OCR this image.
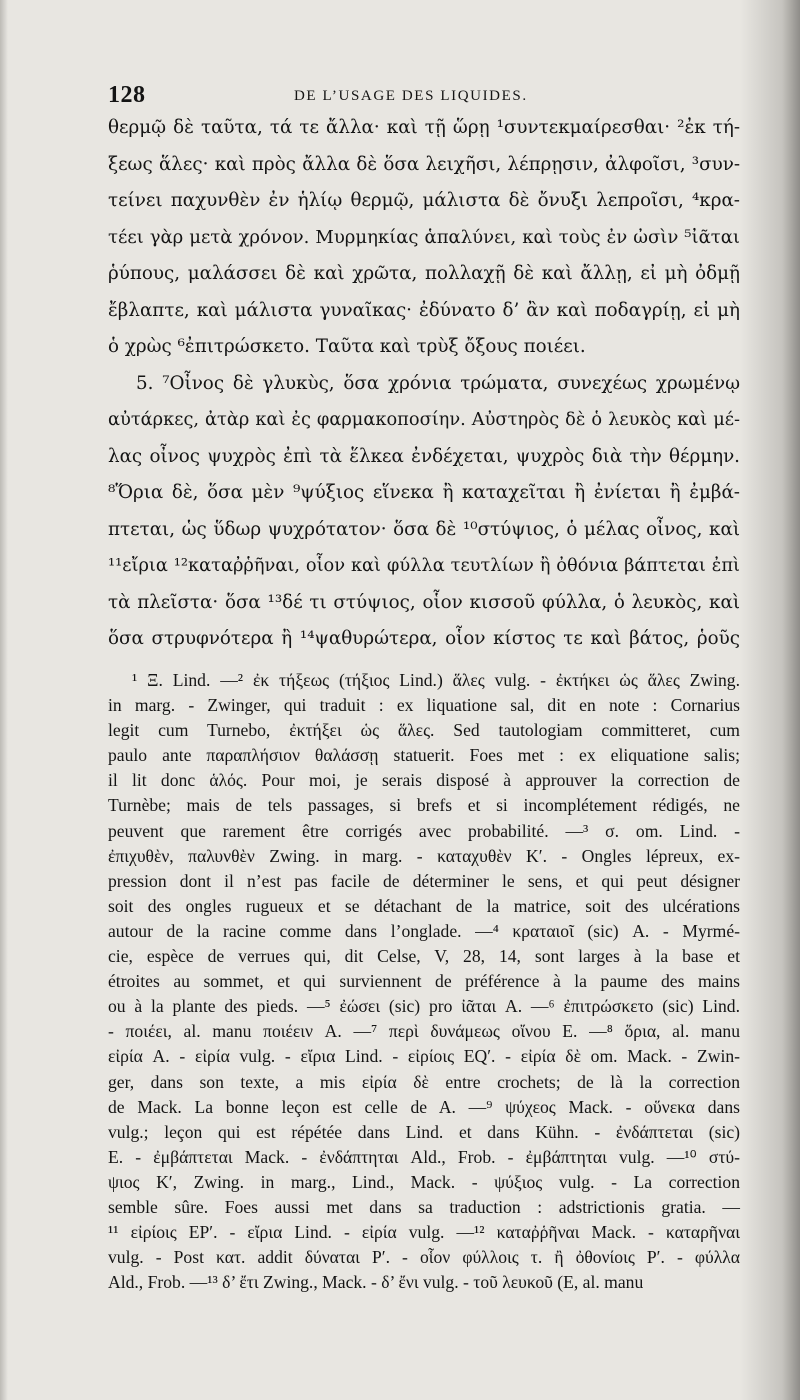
128	DE L’USAGE DES LIQUIDES.
θερμῷ δὲ ταῦτα, τά τε ἄλλα· καὶ τῇ ὥρῃ ¹συντεκμαίρεσθαι· ²ἐκ τή-
ξεως ἅλες· καὶ πρὸς ἄλλα δὲ ὅσα λειχῆσι, λέπρῃσιν, ἀλφοῖσι, ³συν-
τείνει παχυνθὲν ἐν ἡλίῳ θερμῷ, μάλιστα δὲ ὄνυξι λεπροῖσι, ⁴κρα-
τέει γὰρ μετὰ χρόνον. Μυρμηκίας ἁπαλύνει, καὶ τοὺς ἐν ὠσὶν ⁵ἰᾶται
ῥύπους, μαλάσσει δὲ καὶ χρῶτα, πολλαχῇ δὲ καὶ ἄλλῃ, εἰ μὴ ὀδμῇ
ἔβλαπτε, καὶ μάλιστα γυναῖκας· ἐδύνατο δ’ ἂν καὶ ποδαγρίῃ, εἰ μὴ
ὁ χρὼς ⁶ἐπιτρώσκετο. Ταῦτα καὶ τρὺξ ὄξους ποιέει.
5. ⁷Οἶνος δὲ γλυκὺς, ὅσα χρόνια τρώματα, συνεχέως χρωμένῳ
αὐτάρκες, ἀτὰρ καὶ ἐς φαρμακοποσίην. Αὐστηρὸς δὲ ὁ λευκὸς καὶ μέ-
λας οἶνος ψυχρὸς ἐπὶ τὰ ἕλκεα ἐνδέχεται, ψυχρὸς διὰ τὴν θέρμην.
⁸Ὅρια δὲ, ὅσα μὲν ⁹ψύξιος εἵνεκα ἢ καταχεῖται ἢ ἐνίεται ἢ ἐμβά-
πτεται, ὡς ὕδωρ ψυχρότατον· ὅσα δὲ ¹⁰στύψιος, ὁ μέλας οἶνος, καὶ
¹¹εἴρια ¹²καταῤῥῆναι, οἷον καὶ φύλλα τευτλίων ἢ ὀθόνια βάπτεται ἐπὶ
τὰ πλεῖστα· ὅσα ¹³δέ τι στύψιος, οἷον κισσοῦ φύλλα, ὁ λευκὸς, καὶ
ὅσα στρυφνότερα ἢ ¹⁴ψαθυρώτερα, οἷον κίστος τε καὶ βάτος, ῥοῦς
¹ Ξ. Lind. —² ἐκ τήξεως (τήξιος Lind.) ἅλες vulg. - ἐκτήκει ὡς ἅλες Zwing.
in marg. - Zwinger, qui traduit : ex liquatione sal, dit en note : Cornarius
legit cum Turnebo, ἐκτήξει ὡς ἅλες. Sed tautologiam committeret, cum
paulo ante παραπλήσιον θαλάσσῃ statuerit. Foes met : ex eliquatione salis;
il lit donc ἁλός. Pour moi, je serais disposé à approuver la correction de
Turnèbe; mais de tels passages, si brefs et si incomplétement rédigés, ne
peuvent que rarement être corrigés avec probabilité. —³ σ. om. Lind. -
ἐπιχυθὲν, παλυνθὲν Zwing. in marg. - καταχυθὲν K′. - Ongles lépreux, ex-
pression dont il n’est pas facile de déterminer le sens, et qui peut désigner
soit des ongles rugueux et se détachant de la matrice, soit des ulcérations
autour de la racine comme dans l’onglade. —⁴ κραταιοῖ (sic) A. - Myrmé-
cie, espèce de verrues qui, dit Celse, V, 28, 14, sont larges à la base et
étroites au sommet, et qui surviennent de préférence à la paume des mains
ou à la plante des pieds. —⁵ ἐώσει (sic) pro ἰᾶται A. —⁶ ἐπιτρώσκετο (sic) Lind.
- ποιέει, al. manu ποιέειν A. —⁷ περὶ δυνάμεως οἴνου E. —⁸ ὅρια, al. manu
εἰρία A. - εἰρία vulg. - εἴρια Lind. - εἰρίοις EQ′. - εἰρία δὲ om. Mack. - Zwin-
ger, dans son texte, a mis εἰρία δὲ entre crochets; de là la correction
de Mack. La bonne leçon est celle de A. —⁹ ψύχεος Mack. - οὕνεκα dans
vulg.; leçon qui est répétée dans Lind. et dans Kühn. - ἐνδάπτεται (sic)
E. - ἐμβάπτεται Mack. - ἐνδάπτηται Ald., Frob. - ἐμβάπτηται vulg. —¹⁰ στύ-
ψιος K′, Zwing. in marg., Lind., Mack. - ψύξιος vulg. - La correction
semble sûre. Foes aussi met dans sa traduction : adstrictionis gratia. —
¹¹ εἰρίοις EP′. - εἴρια Lind. - εἰρία vulg. —¹² καταῤῥῆναι Mack. - καταρῆναι
vulg. - Post κατ. addit δύναται P′. - οἷον φύλλοις τ. ἢ ὀθονίοις P′. - φύλλα
Ald., Frob. —¹³ δ’ ἔτι Zwing., Mack. - δ’ ἔνι vulg. - τοῦ λευκοῦ (E, al. manu
